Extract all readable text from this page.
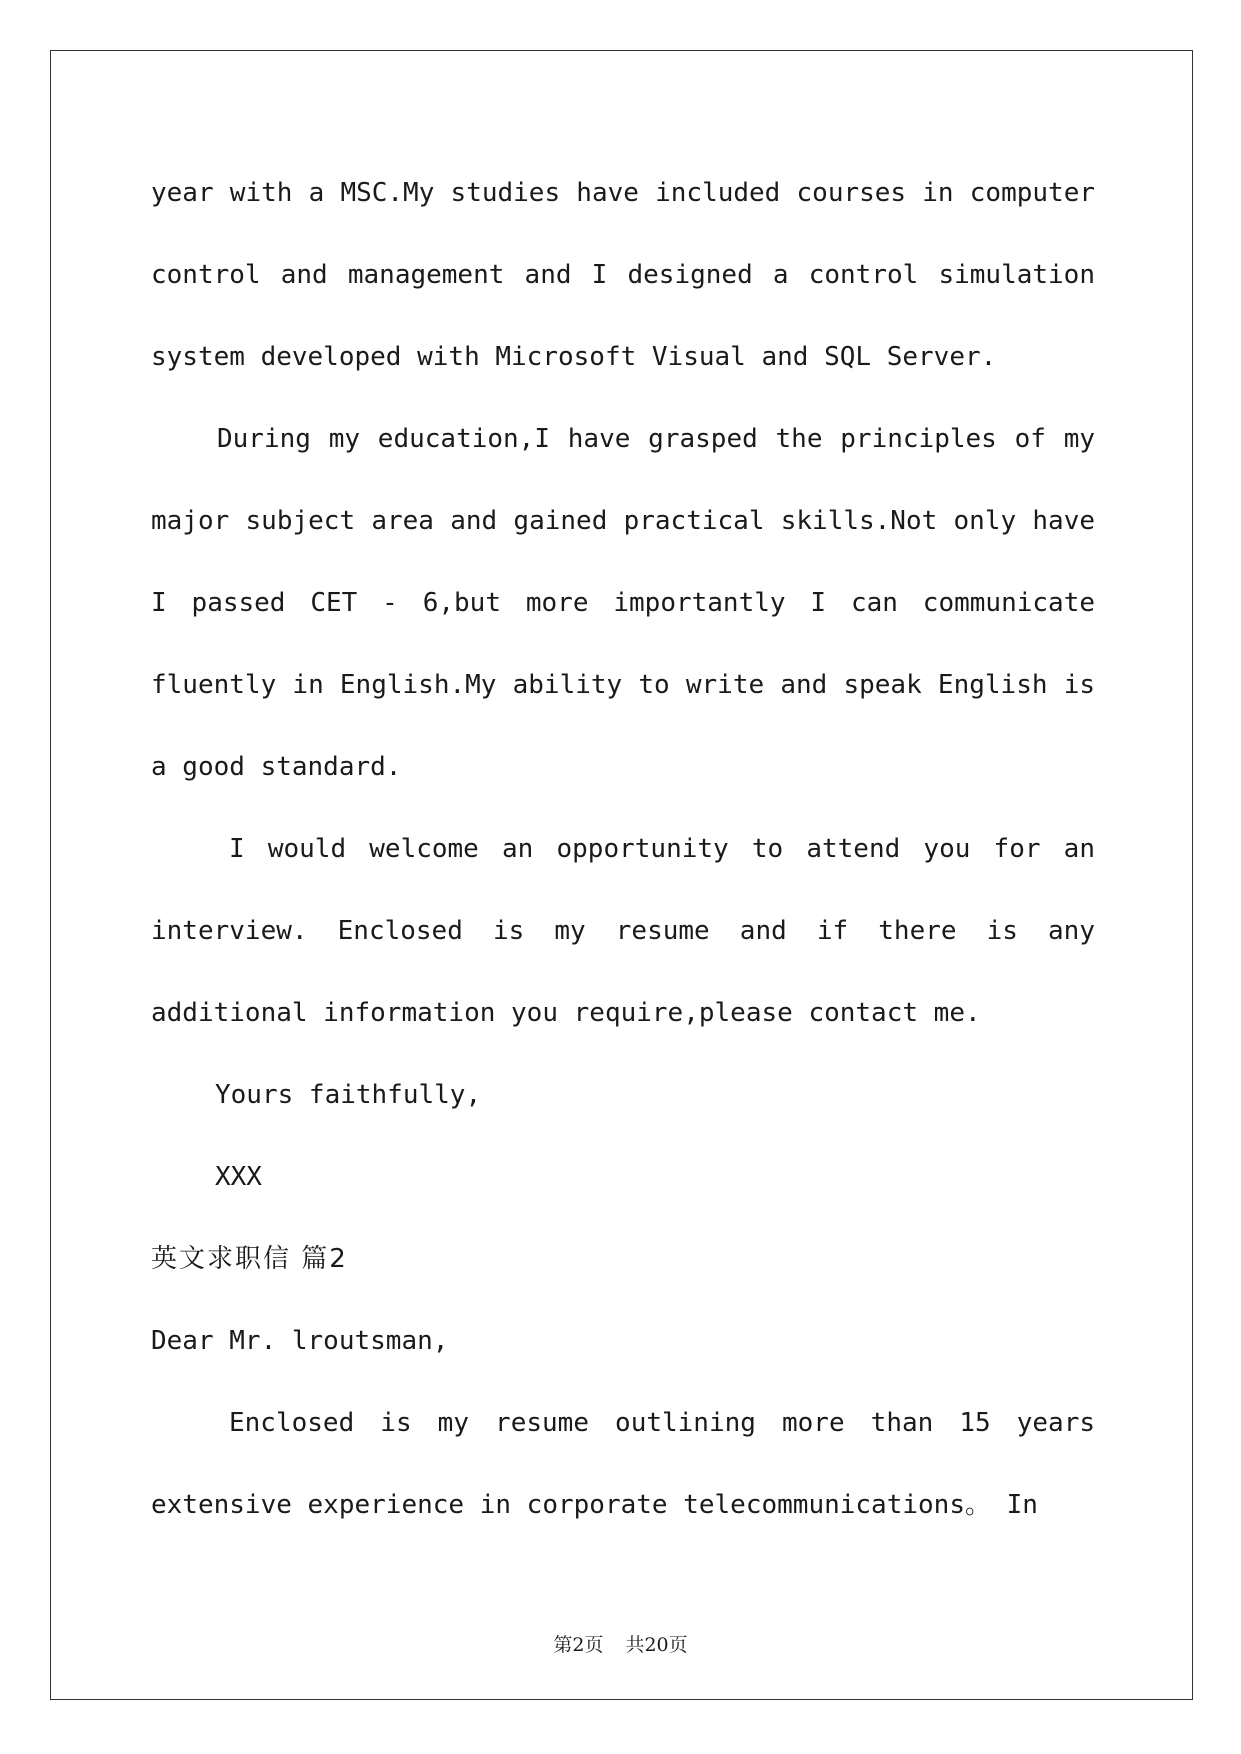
year with a MSC.My studies have included courses in computer control and management and I designed a control simulation system developed with Microsoft Visual and SQL Server.

During my education,I have grasped the principles of my major subject area and gained practical skills.Not only have I passed CET - 6,but more importantly I can communicate fluently in English.My ability to write and speak English is a good standard.

I would welcome an opportunity to attend you for an interview. Enclosed is my resume and if there is any additional information you require,please contact me.

Yours faithfully,

XXX

英文求职信 篇2

Dear Mr. lroutsman,

Enclosed is my resume outlining more than 15 years extensive experience in corporate telecommunications。 In

第2页 共20页
